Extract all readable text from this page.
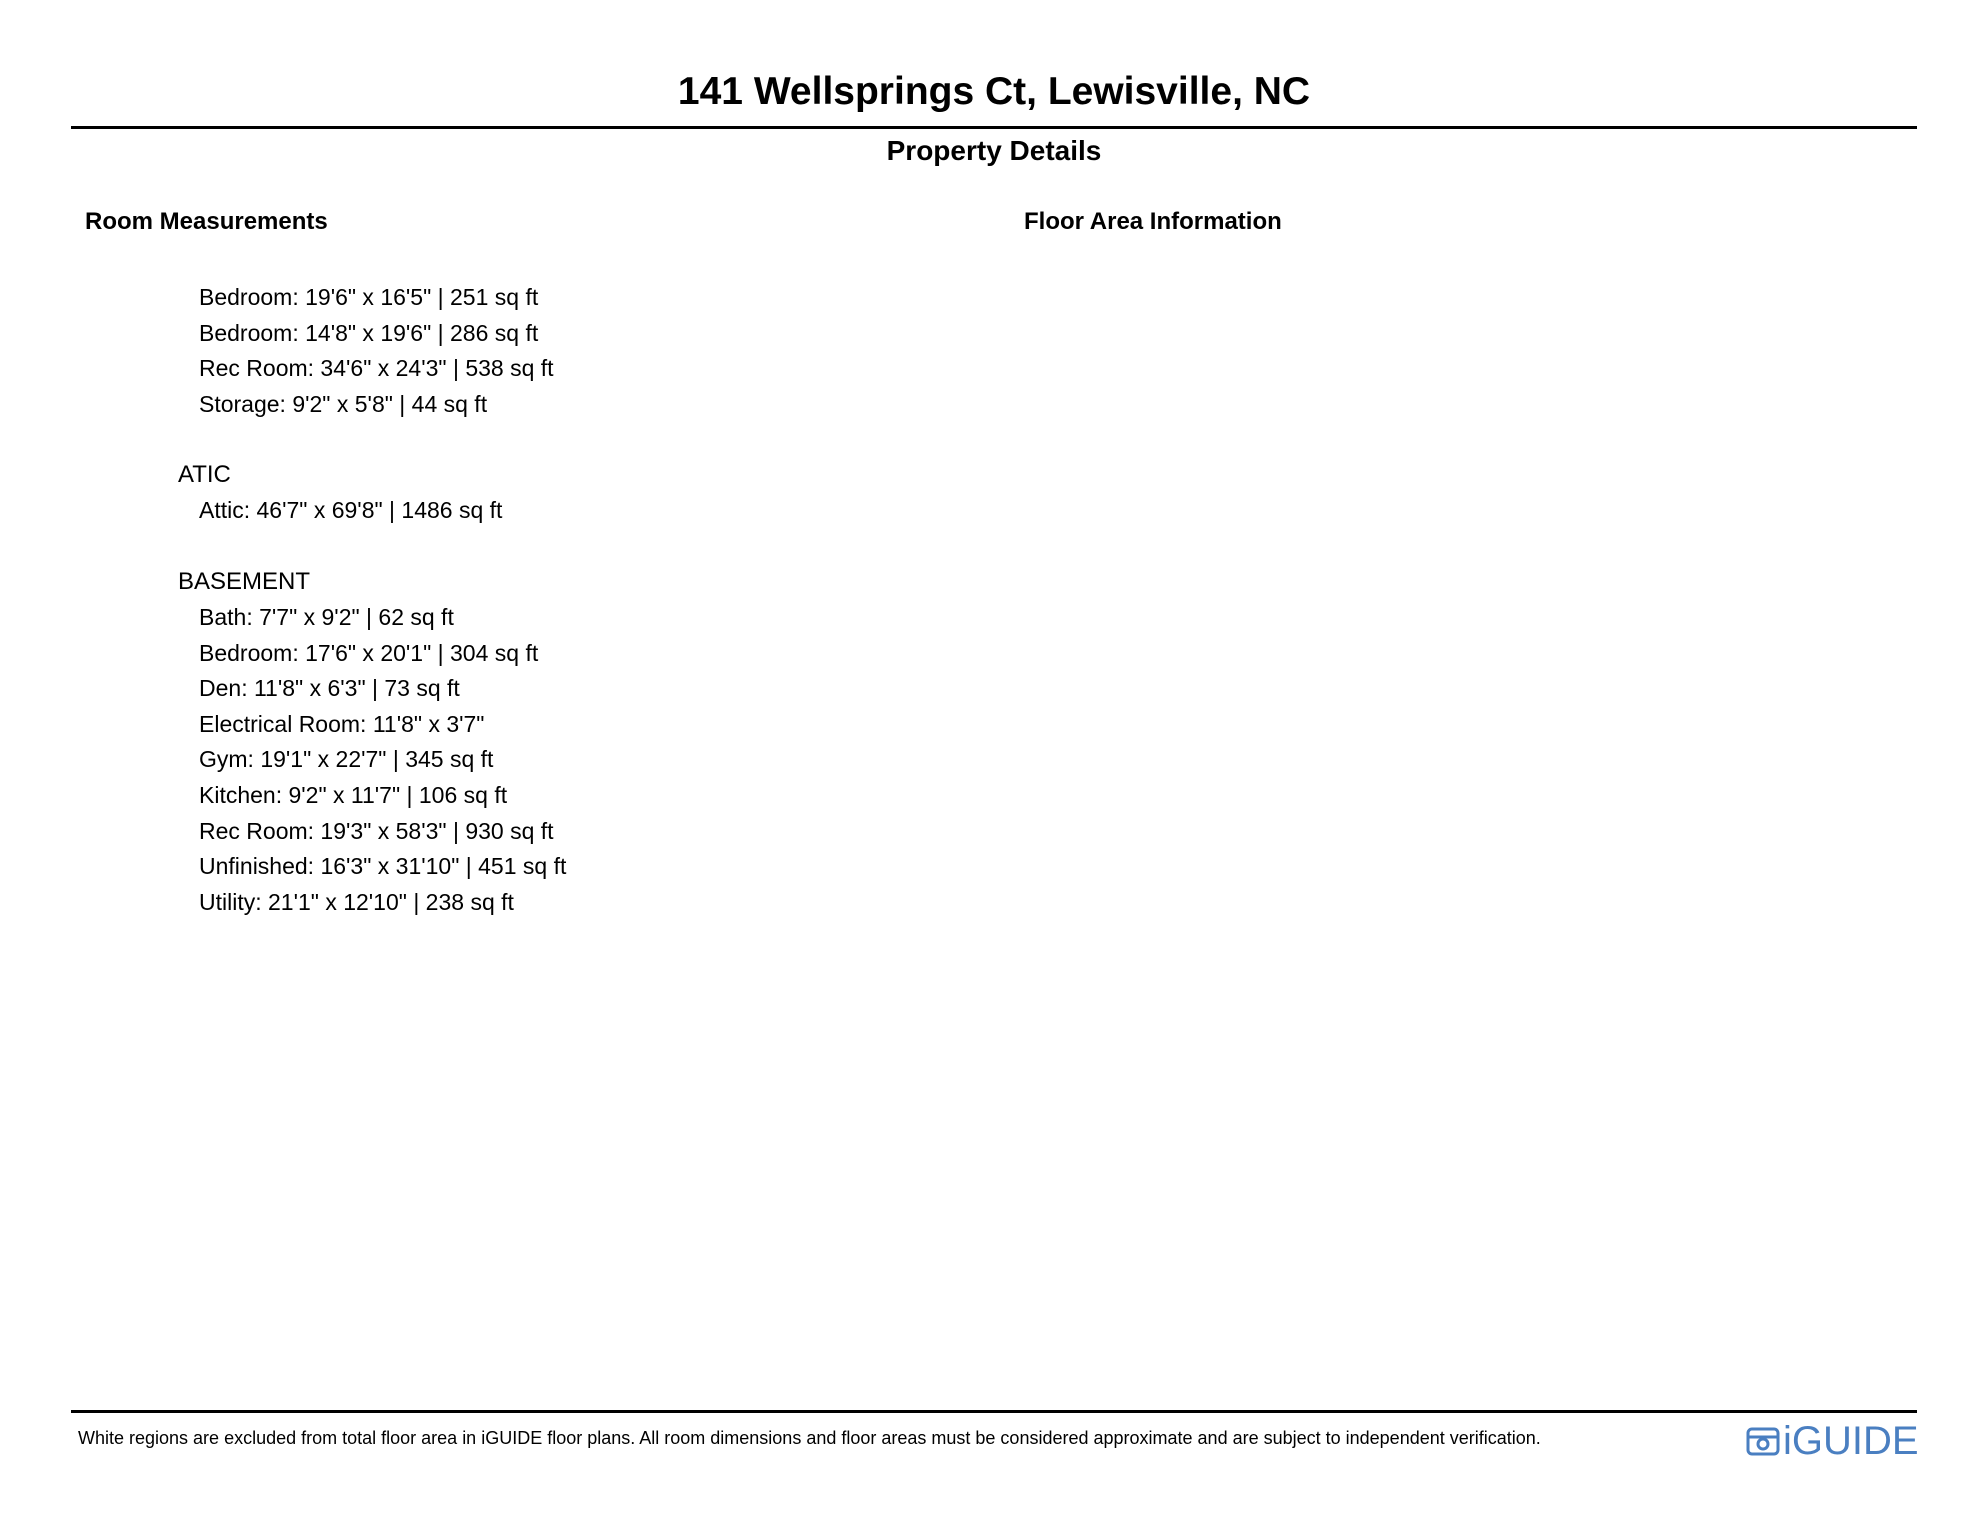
141 Wellsprings Ct, Lewisville, NC
Property Details
Room Measurements	Floor Area Information
Bedroom: 19'6" x 16'5" | 251 sq ft
Bedroom: 14'8" x 19'6" | 286 sq ft
Rec Room: 34'6" x 24'3" | 538 sq ft
Storage: 9'2" x 5'8" | 44 sq ft

ATIC

Attic: 46'7" x 69'8" | 1486 sq ft

BASEMENT

Bath: 7'7" x 9'2" | 62 sq ft
Bedroom: 17'6" x 20'1" | 304 sq ft
Den: 11'8" x 6'3" | 73 sq ft
Electrical Room: 11'8" x 3'7"
Gym: 19'1" x 22'7" | 345 sq ft
Kitchen: 9'2" x 11'7" | 106 sq ft
Rec Room: 19'3" x 58'3" | 930 sq ft
Unfinished: 16'3" x 31'10" | 451 sq ft
Utility: 21'1" x 12'10" | 238 sq ft

White regions are excluded from total floor area in iGUIDE floor plans. All room dimensions and floor areas must be considered approximate and are subject to independent verification.	iGUIDE
